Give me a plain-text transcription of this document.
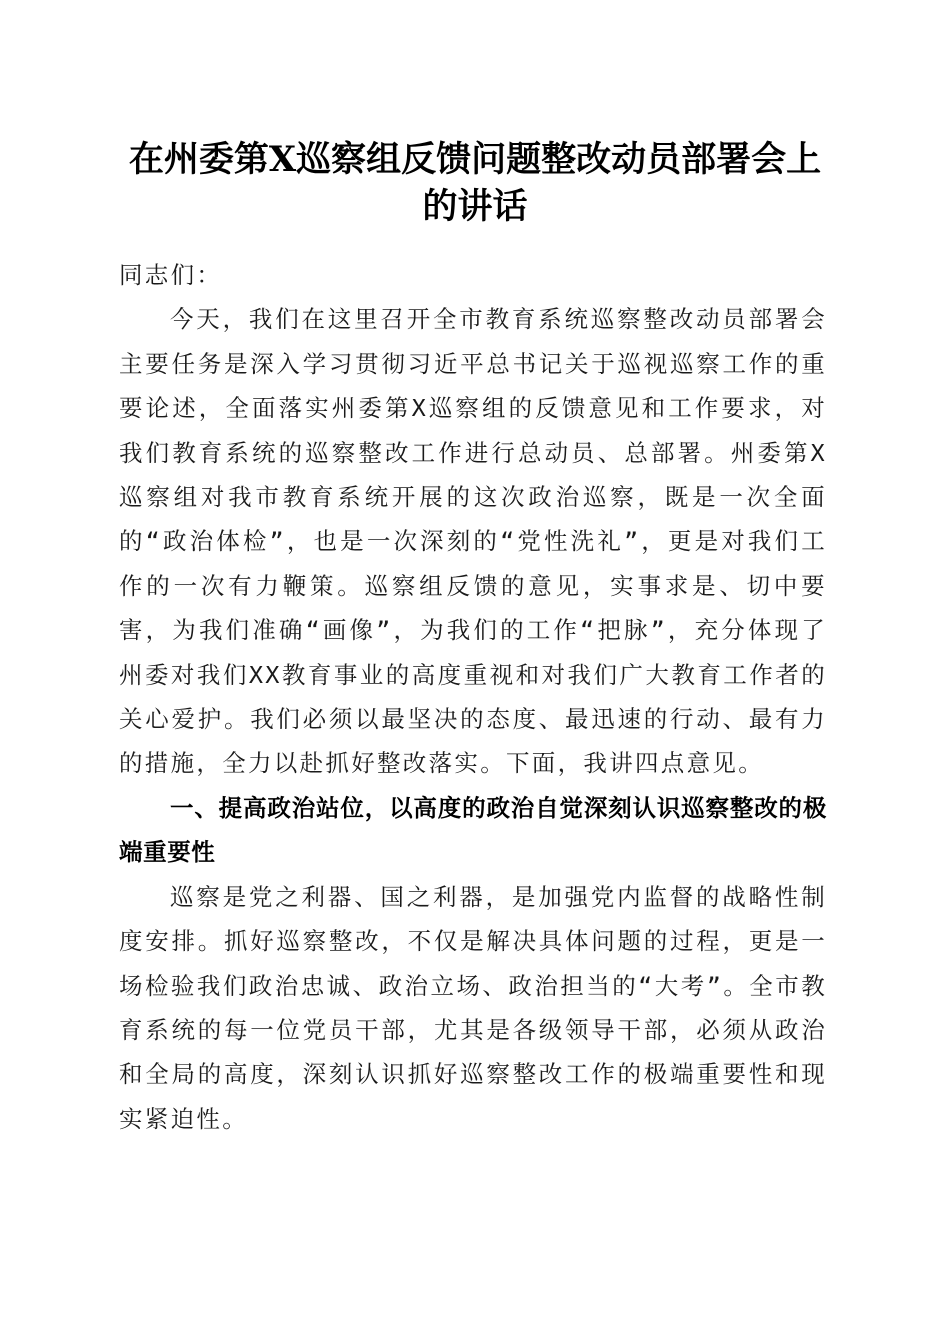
在州委第X巡察组反馈问题整改动员部署会上的讲话

同志们：

今天，我们在这里召开全市教育系统巡察整改动员部署会主要任务是深入学习贯彻习近平总书记关于巡视巡察工作的重要论述，全面落实州委第X巡察组的反馈意见和工作要求，对我们教育系统的巡察整改工作进行总动员、总部署。州委第X巡察组对我市教育系统开展的这次政治巡察，既是一次全面的“政治体检”，也是一次深刻的“党性洗礼”，更是对我们工作的一次有力鞭策。巡察组反馈的意见，实事求是、切中要害，为我们准确“画像”，为我们的工作“把脉”，充分体现了州委对我们XX教育事业的高度重视和对我们广大教育工作者的关心爱护。我们必须以最坚决的态度、最迅速的行动、最有力的措施，全力以赴抓好整改落实。下面，我讲四点意见。

一、提高政治站位，以高度的政治自觉深刻认识巡察整改的极端重要性

巡察是党之利器、国之利器，是加强党内监督的战略性制度安排。抓好巡察整改，不仅是解决具体问题的过程，更是一场检验我们政治忠诚、政治立场、政治担当的“大考”。全市教育系统的每一位党员干部，尤其是各级领导干部，必须从政治和全局的高度，深刻认识抓好巡察整改工作的极端重要性和现实紧迫性。
